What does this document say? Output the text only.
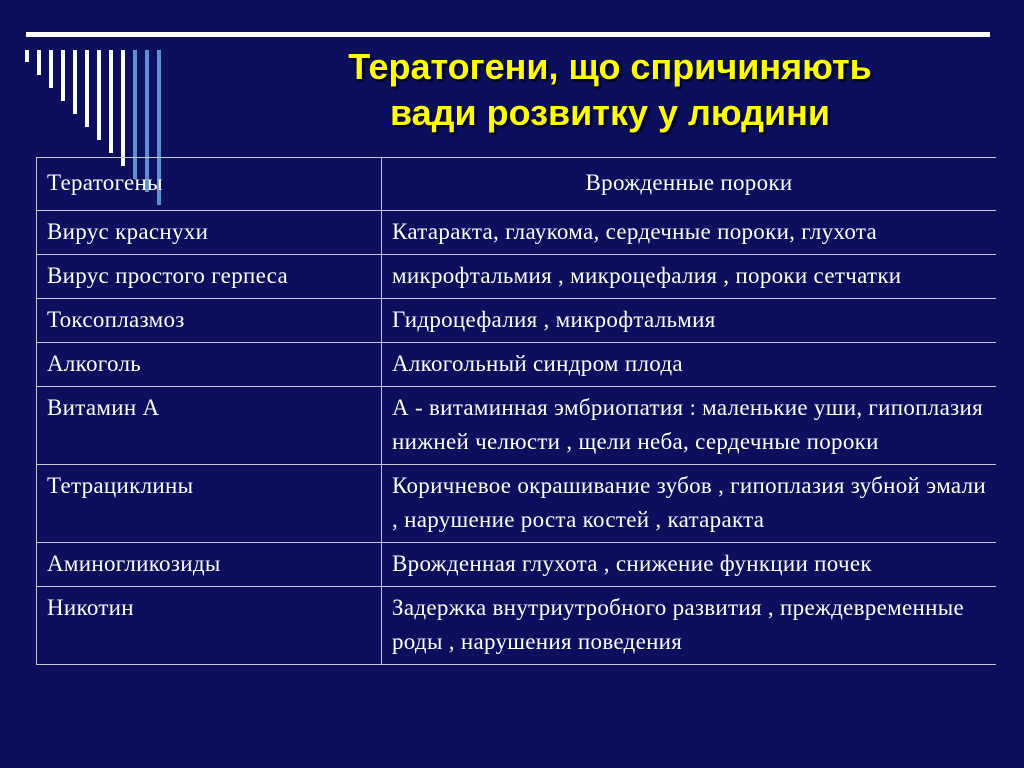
Тератогени, що спричиняють
вади розвитку у людини
Тератогены	Врожденные пороки
Вирус краснухи	Катаракта, глаукома, сердечные пороки, глухота
Вирус простого герпеса	микрофтальмия , микроцефалия , пороки сетчатки
Токсоплазмоз	Гидроцефалия , микрофтальмия
Алкоголь	Алкогольный синдром плода
Витамин А	А - витаминная эмбриопатия : маленькие уши, гипоплазия нижней челюсти , щели неба, сердечные пороки
Тетрациклины	Коричневое окрашивание зубов , гипоплазия зубной эмали , нарушение роста костей , катаракта
Аминогликозиды	Врожденная глухота , снижение функции почек
Никотин	Задержка внутриутробного развития , преждевременные роды , нарушения поведения
